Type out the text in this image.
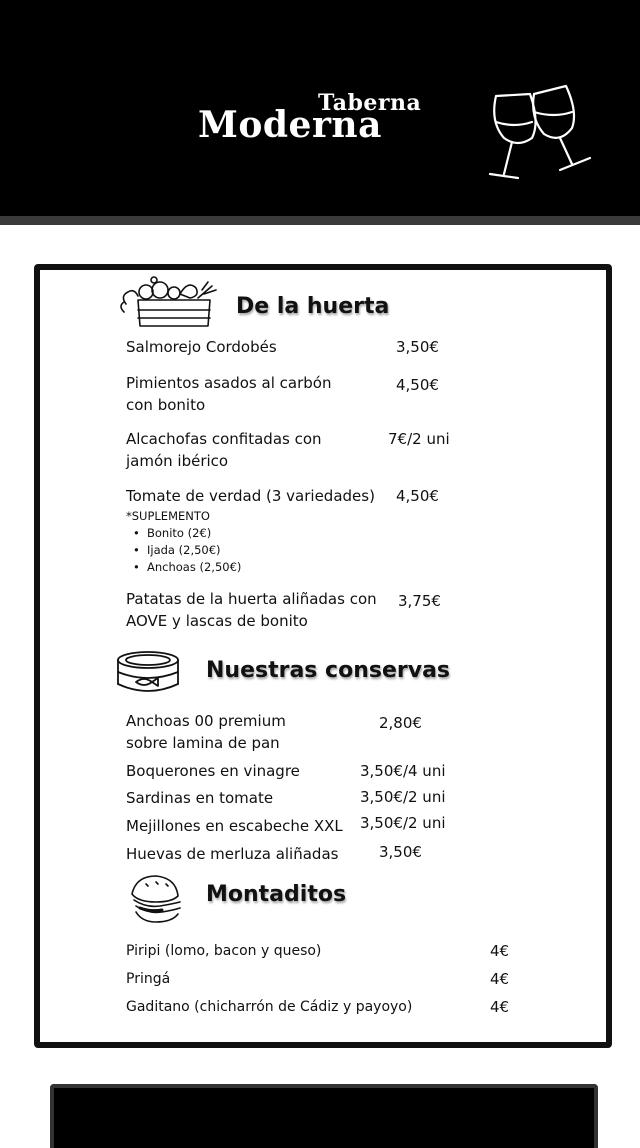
Taberna
Moderna
De la huerta
Salmorejo Cordobés	3,50€
Pimientos asados al carbón
con bonito
4,50€
Alcachofas confitadas con
jamón ibérico
7€/2 uni
Tomate de verdad (3 variedades) 4,50€
*SUPLEMENTO
• Bonito (2€)
• Ijada (2,50€)
• Anchoas (2,50€)
Patatas de la huerta aliñadas con
AOVE y lascas de bonito
3,75€
Nuestras conservas
Anchoas 00 premium
sobre lamina de pan
2,80€
Boquerones en vinagre	3,50€/4 uni
Sardinas en tomate	3,50€/2 uni
Mejillones en escabeche XXL 3,50€/2 uni
Huevas de merluza aliñadas	3,50€
Montaditos
Piripi (lomo, bacon y queso)	4€
Pringá	4€
Gaditano (chicharrón de Cádiz y payoyo)	4€
